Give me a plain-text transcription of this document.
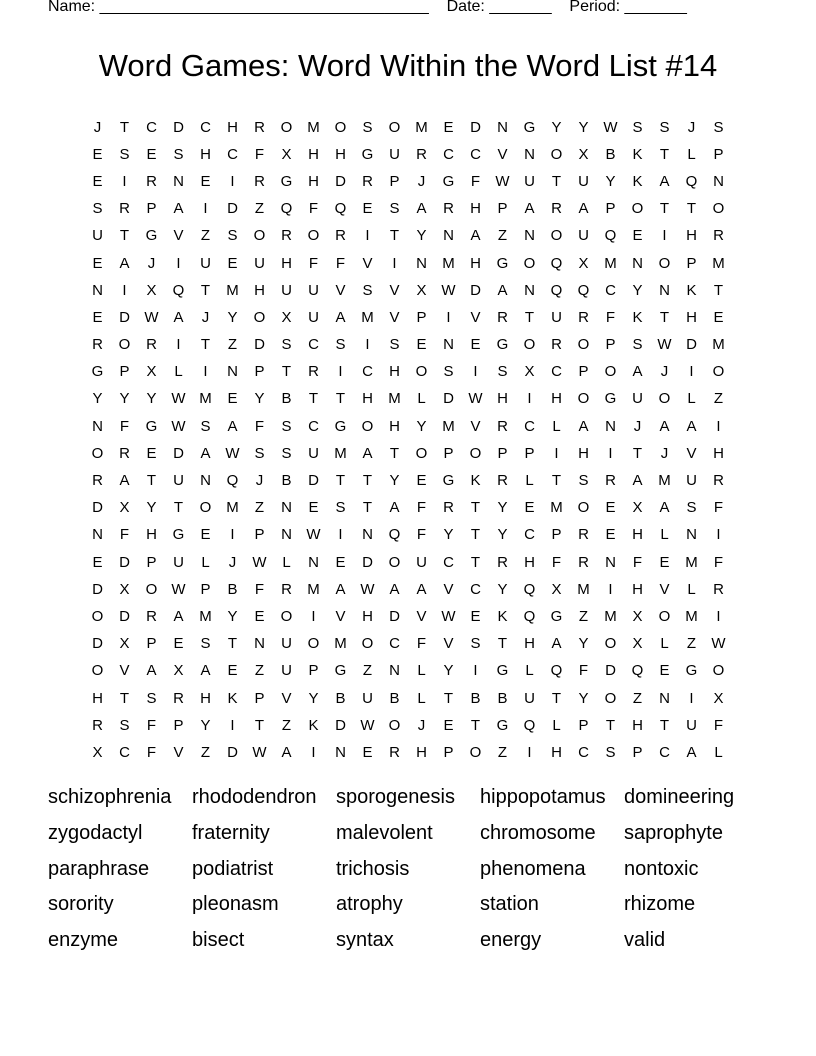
Name: _____________________________________ Date: _______ Period: _______
Word Games: Word Within the Word List #14
J	T	C	D	C	H	R	O M O	S	O M	E	D	N	G	Y	Y W S	S	J	S
E	S	E	S	H	C	F	X	H	H	G	U	R	C	C	V	N	O	X	B	K	T	L	P
E	I	R	N	E	I	R	G	H	D	R	P	J	G	F	W U	T	U	Y	K	A	Q	N
S	R	P	A	I	D	Z	Q	F	Q	E	S	A	R	H	P	A	R	A	P	O	T	T	O
U	T	G	V	Z	S	O	R	O	R	I	T	Y	N	A	Z	N	O	U	Q	E	I	H	R
E	A	J	I	U	E	U	H	F	F	V	I	N	M	H	G	O	Q	X	M	N	O	P	M
N	I	X	Q	T	M	H	U	U	V	S	V	X W D	A	N	Q	Q	C	Y	N	K	T
E	D W A	J	Y	O	X	U	A	M	V	P	I	V	R	T	U	R	F	K	T	H	E
R	O	R	I	T	Z	D	S	C	S	I	S	E	N	E	G	O	R	O	P	S W D	M
G	P	X	L	I	N	P	T	R	I	C	H	O	S	I	S	X	C	P	O	A	J	I	O
Y	Y	Y W M	E	Y	B	T	T	H	M	L	D W H	I	H	O	G	U	O	L	Z
N	F	G W S	A	F	S	C	G	O	H	Y	M	V	R	C	L	A	N	J	A	A	I
O	R	E	D	A W S	S	U	M	A	T	O	P	O	P	P	I	H	I	T	J	V	H
R	A	T	U	N	Q	J	B	D	T	T	Y	E	G	K	R	L	T	S	R	A	M	U	R
D	X	Y	T	O M	Z	N	E	S	T	A	F	R	T	Y	E	M O	E	X	A	S	F
N	F	H	G	E	I	P	N W	I	N	Q	F	Y	T	Y	C	P	R	E	H	L	N	I
E	D	P	U	L	J	W	L	N	E	D	O	U	C	T	R	H	F	R	N	F	E	M	F
D	X	O W P	B	F	R	M	A W A	A	V	C	Y	Q	X	M	I	H	V	L	R
O	D	R	A	M	Y	E	O	I	V	H	D	V W E	K	Q	G	Z	M	X	O M	I
D	X	P	E	S	T	N	U	O M O	C	F	V	S	T	H	A	Y	O	X	L	Z	W
O	V	A	X	A	E	Z	U	P	G	Z	N	L	Y	I	G	L	Q	F	D	Q	E	G	O
H	T	S	R	H	K	P	V	Y	B	U	B	L	T	B	B	U	T	Y	O	Z	N	I	X
R	S	F	P	Y	I	T	Z	K	D W O	J	E	T	G	Q	L	P	T	H	T	U	F
X	C	F	V	Z	D W A	I	N	E	R	H	P	O	Z	I	H	C	S	P	C	A	L
schizophrenia	rhododendron sporogenesis	hippopotamus domineering
zygodactyl	fraternity	malevolent	chromosome	saprophyte
paraphrase	podiatrist	trichosis	phenomena	nontoxic
sorority	pleonasm	atrophy	station	rhizome
enzyme	bisect	syntax	energy	valid
